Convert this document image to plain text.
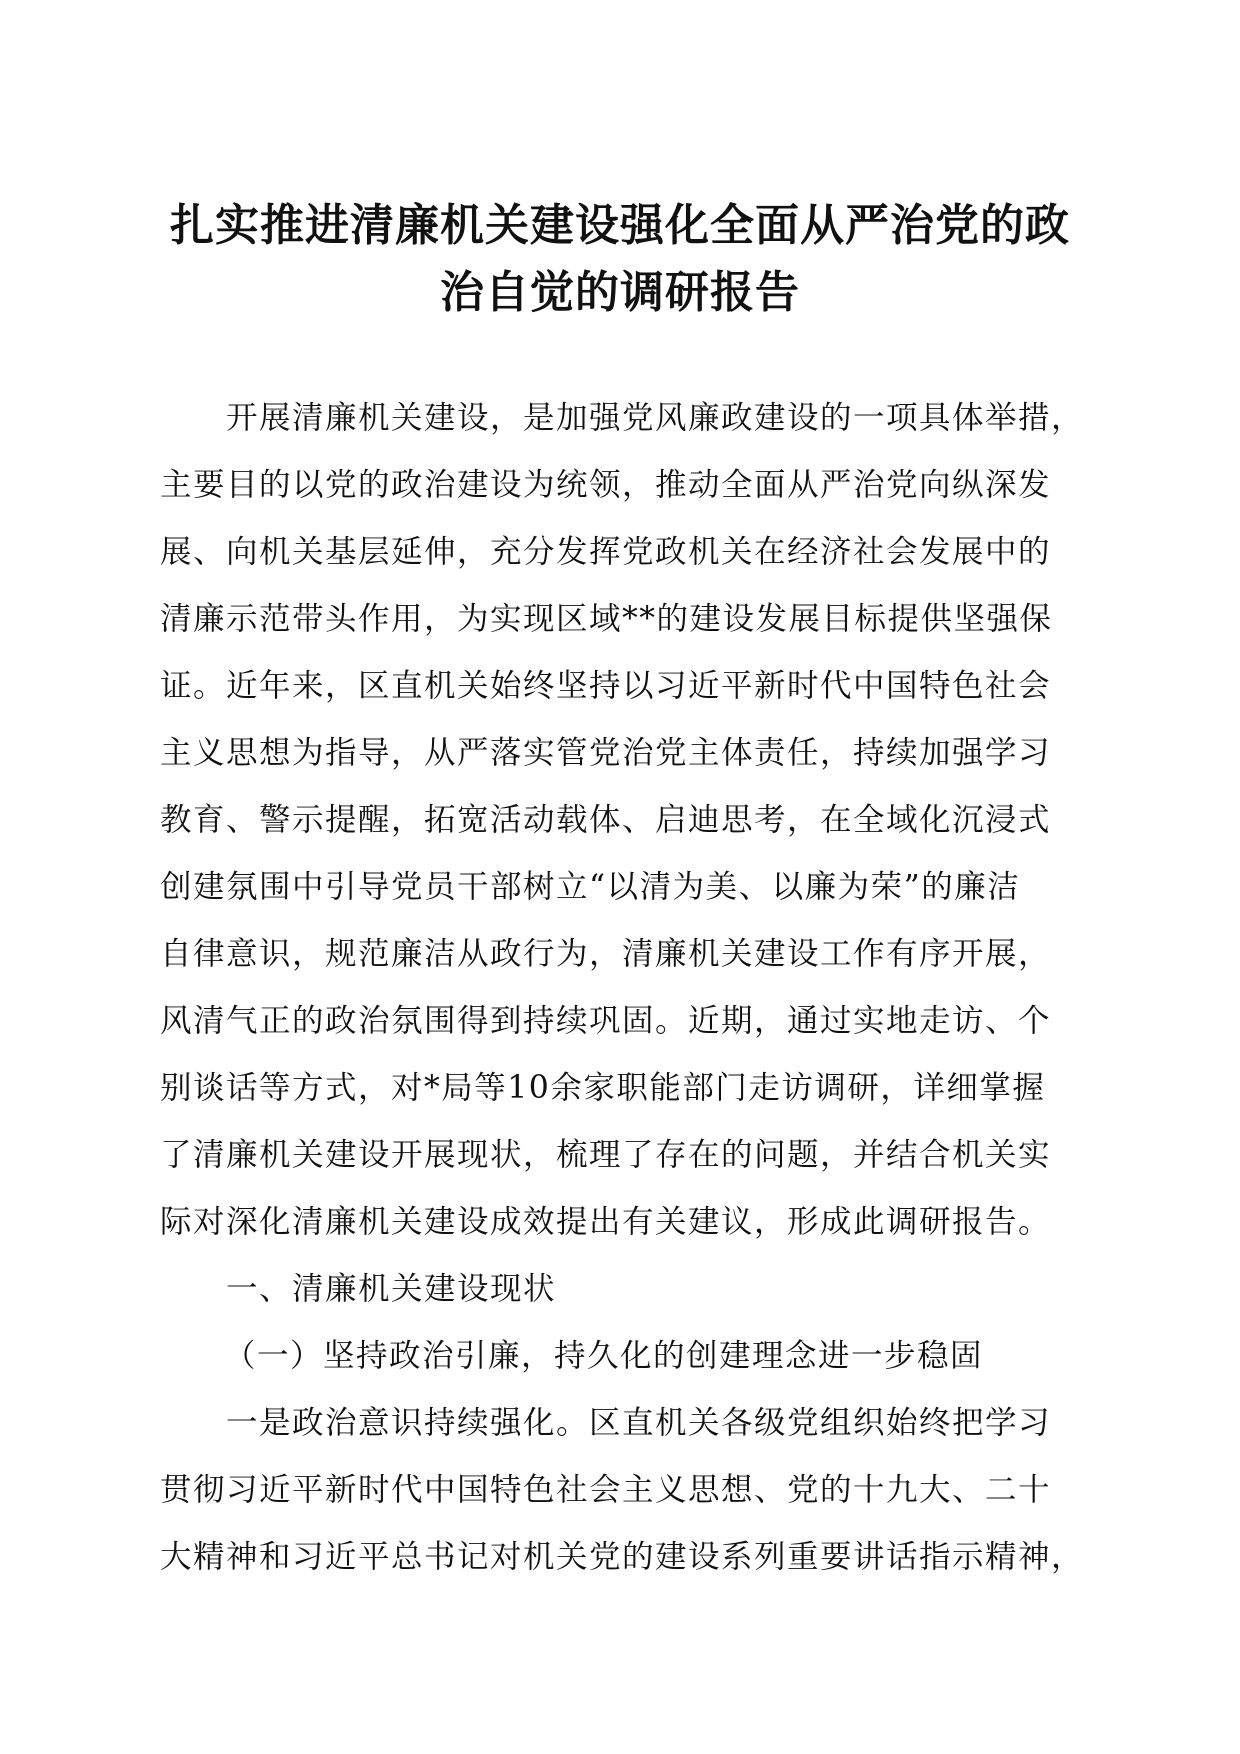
扎实推进清廉机关建设强化全面从严治党的政
治自觉的调研报告
开展清廉机关建设，是加强党风廉政建设的一项具体举措，
主要目的以党的政治建设为统领，推动全面从严治党向纵深发
展、向机关基层延伸，充分发挥党政机关在经济社会发展中的
清廉示范带头作用，为实现区域**的建设发展目标提供坚强保
证。近年来，区直机关始终坚持以习近平新时代中国特色社会
主义思想为指导，从严落实管党治党主体责任，持续加强学习
教育、警示提醒，拓宽活动载体、启迪思考，在全域化沉浸式
创建氛围中引导党员干部树立“以清为美、以廉为荣”的廉洁
自律意识，规范廉洁从政行为，清廉机关建设工作有序开展，
风清气正的政治氛围得到持续巩固。近期，通过实地走访、个
别谈话等方式，对*局等10余家职能部门走访调研，详细掌握
了清廉机关建设开展现状，梳理了存在的问题，并结合机关实
际对深化清廉机关建设成效提出有关建议，形成此调研报告。
一、清廉机关建设现状
（一）坚持政治引廉，持久化的创建理念进一步稳固
一是政治意识持续强化。区直机关各级党组织始终把学习
贯彻习近平新时代中国特色社会主义思想、党的十九大、二十
大精神和习近平总书记对机关党的建设系列重要讲话指示精神，
